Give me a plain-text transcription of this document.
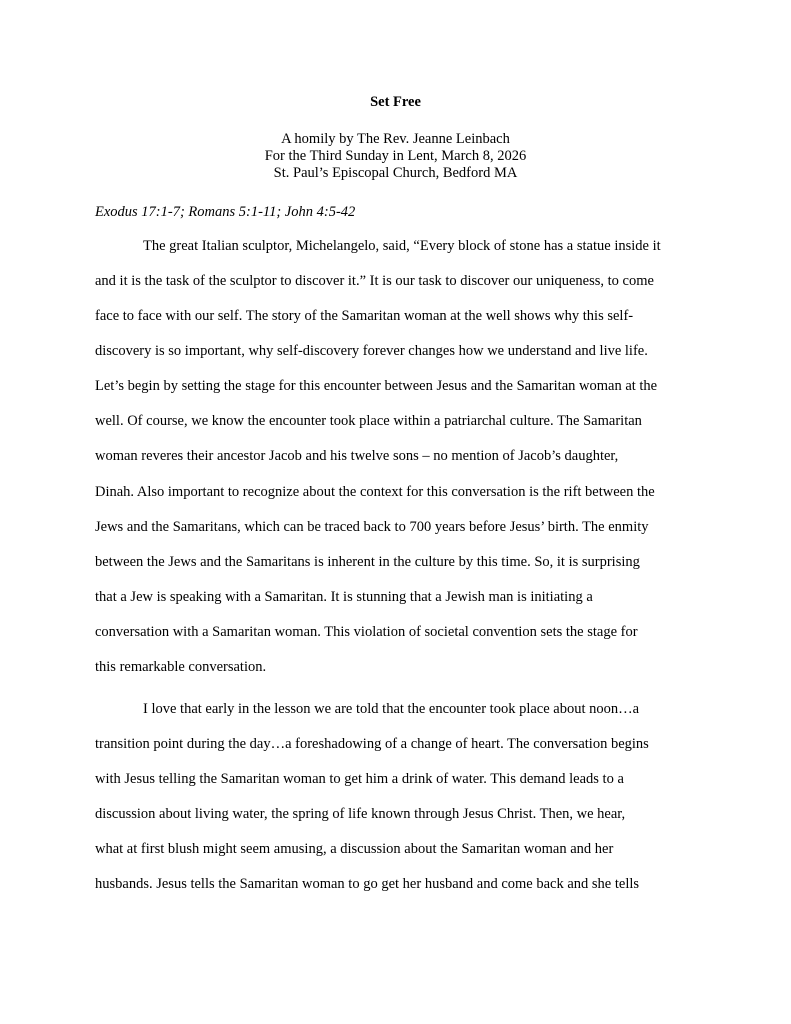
Set Free
A homily by The Rev. Jeanne Leinbach
For the Third Sunday in Lent, March 8, 2026
St. Paul’s Episcopal Church, Bedford MA
Exodus 17:1-7; Romans 5:1-11; John 4:5-42
The great Italian sculptor, Michelangelo, said, “Every block of stone has a statue inside it
and it is the task of the sculptor to discover it.” It is our task to discover our uniqueness, to come
face to face with our self. The story of the Samaritan woman at the well shows why this self-
discovery is so important, why self-discovery forever changes how we understand and live life.
Let’s begin by setting the stage for this encounter between Jesus and the Samaritan woman at the
well. Of course, we know the encounter took place within a patriarchal culture. The Samaritan
woman reveres their ancestor Jacob and his twelve sons – no mention of Jacob’s daughter,
Dinah. Also important to recognize about the context for this conversation is the rift between the
Jews and the Samaritans, which can be traced back to 700 years before Jesus’ birth. The enmity
between the Jews and the Samaritans is inherent in the culture by this time. So, it is surprising
that a Jew is speaking with a Samaritan. It is stunning that a Jewish man is initiating a
conversation with a Samaritan woman. This violation of societal convention sets the stage for
this remarkable conversation.
I love that early in the lesson we are told that the encounter took place about noon…a
transition point during the day…a foreshadowing of a change of heart. The conversation begins
with Jesus telling the Samaritan woman to get him a drink of water. This demand leads to a
discussion about living water, the spring of life known through Jesus Christ. Then, we hear,
what at first blush might seem amusing, a discussion about the Samaritan woman and her
husbands. Jesus tells the Samaritan woman to go get her husband and come back and she tells
